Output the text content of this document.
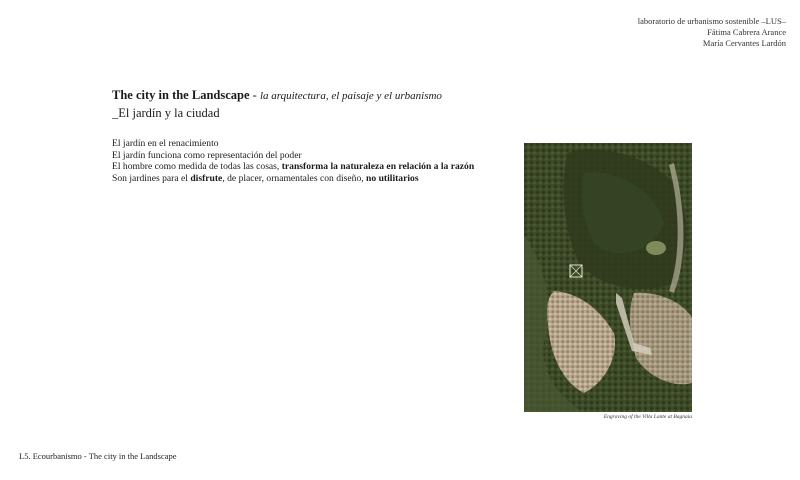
laboratorio de urbanismo sostenible –LUS–
Fátima Cabrera Arance
María Cervantes Lardón
The city in the Landscape - la arquitectura, el paisaje y el urbanismo
_El jardín y la ciudad
El jardín en el renacimiento
El jardín funciona como representación del poder
El hombre como medida de todas las cosas, transforma la naturaleza en relación a la razón
Son jardines para el disfrute, de placer, ornamentales con diseño, no utilitarios
Engraving of the Villa Lante at Bagnaia
L5. Ecourbanismo - The city in the Landscape
